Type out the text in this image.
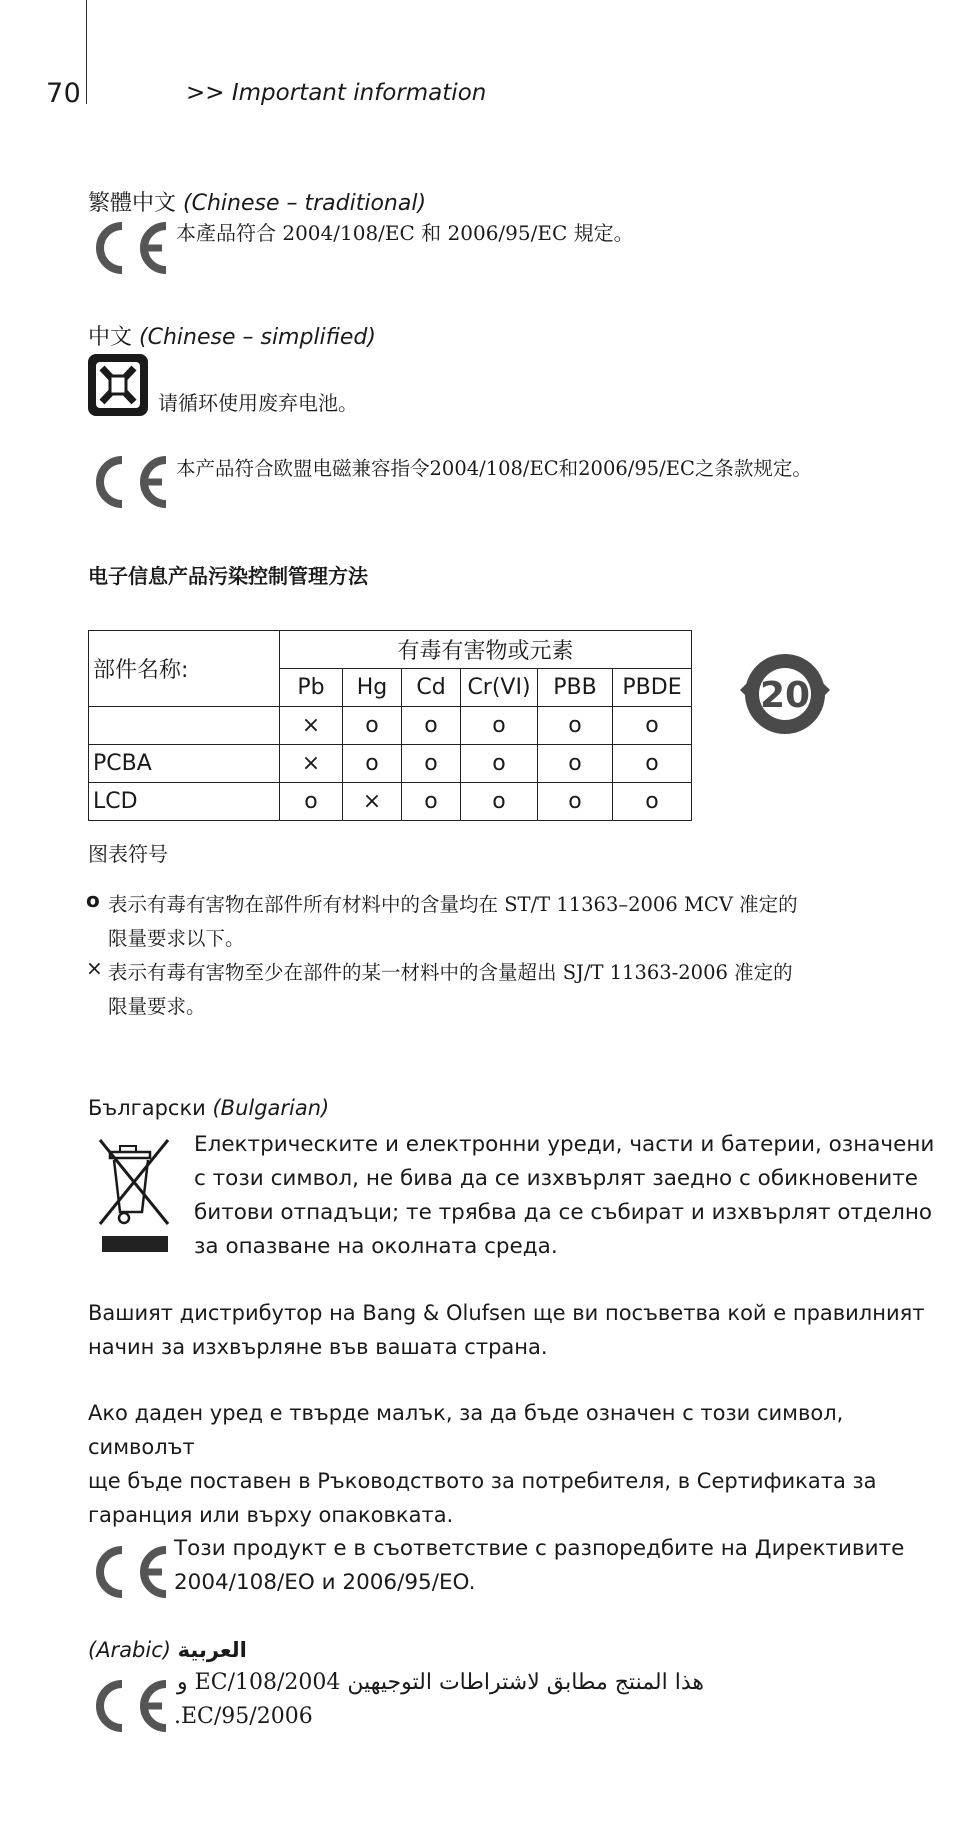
70	>> Important information
繁體中文 (Chinese – traditional)
本產品符合 2004/108/EC 和 2006/95/EC 規定。
中文 (Chinese – simplified)
请循环使用废弃电池。
本产品符合欧盟电磁兼容指令2004/108/EC和2006/95/EC之条款规定。
电子信息产品污染控制管理方法
部件名称:	有毒有害物或元素					
	Pb	Hg	Cd	Cr(VI)	PBB	PBDE
	×	o	o	o	o	o
PCBA	×	o	o	o	o	o
LCD	o	×	o	o	o	o
20
图表符号
o 表示有毒有害物在部件所有材料中的含量均在 ST/T 11363–2006 MCV 准定的
限量要求以下。
× 表示有毒有害物至少在部件的某一材料中的含量超出 SJ/T 11363-2006 准定的
限量要求。
Български (Bulgarian)
Електрическите и електронни уреди, части и батерии, означени
с този символ, не бива да се изхвърлят заедно с обикновените
битови отпадъци; те трябва да се събират и изхвърлят отделно
за опазване на околната среда.
Вашият дистрибутор на Bang & Olufsen ще ви посъветва кой е правилният
начин за изхвърляне във вашата страна.
Ако даден уред е твърде малък, за да бъде означен с този символ, символът
ще бъде поставен в Ръководството за потребителя, в Сертификата за
гаранция или върху опаковката.
Този продукт е в съответствие с разпоредбите на Директивите
2004/108/EO и 2006/95/EO.
(Arabic) العربية
هذا المنتج مطابق لاشتراطات التوجيهين EC/108/2004 و
.EC/95/2006
